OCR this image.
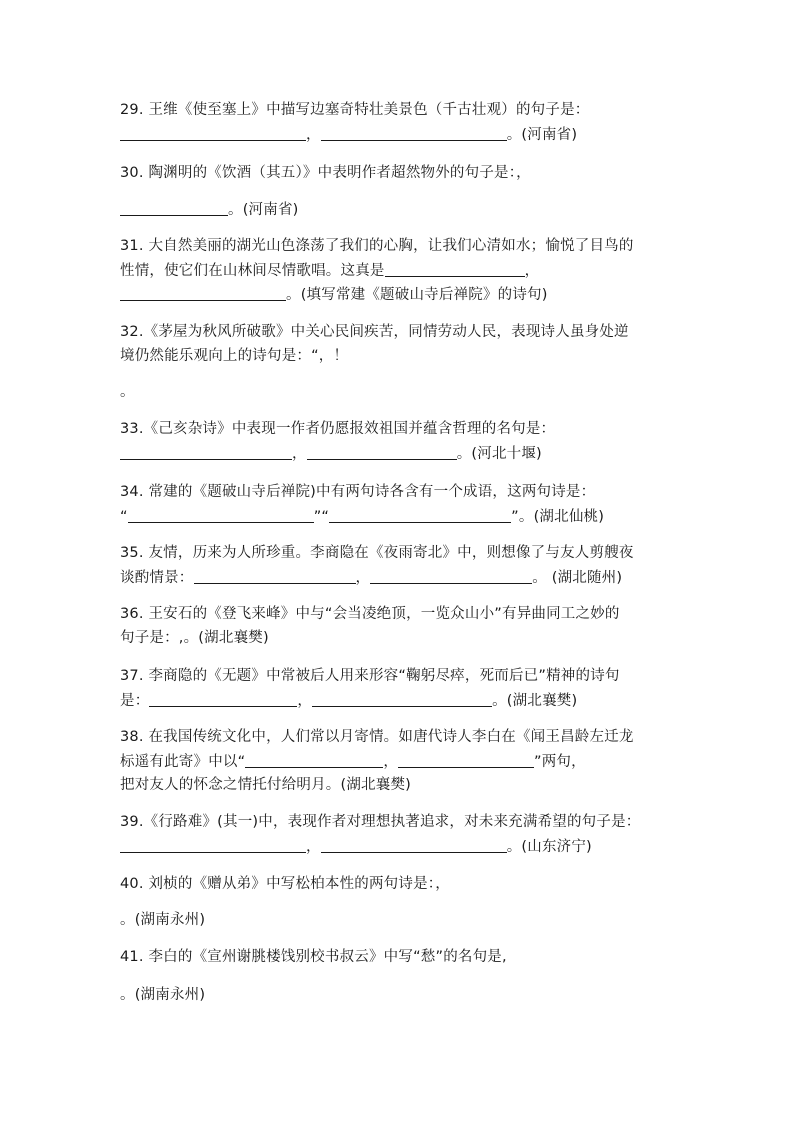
29. 王维《使至塞上》中描写边塞奇特壮美景色（千古壮观）的句子是：
，	。(河南省)
30. 陶渊明的《饮酒（其五）》中表明作者超然物外的句子是：，
。(河南省)
31. 大自然美丽的湖光山色涤荡了我们的心胸，让我们心清如水；愉悦了目鸟的
性情，使它们在山林间尽情歌唱。这真是	，
。(填写常建《题破山寺后禅院》的诗句)
32.《茅屋为秋风所破歌》中关心民间疾苦，同情劳动人民，表现诗人虽身处逆
境仍然能乐观向上的诗句是：“，！
。
33.《己亥杂诗》中表现一作者仍愿报效祖国并蕴含哲理的名句是：
，	。(河北十堰)
34. 常建的《题破山寺后禅院)中有两句诗各含有一个成语，这两句诗是：
“	”“	”。(湖北仙桃)
35. 友情，历来为人所珍重。李商隐在《夜雨寄北》中，则想像了与友人剪艘夜
谈酌情景：	，	。 (湖北随州)
36. 王安石的《登飞来峰》中与“会当凌绝顶，一览众山小”有异曲同工之妙的
句子是：,。(湖北襄樊)
37. 李商隐的《无题》中常被后人用来形容“鞠躬尽瘁，死而后已”精神的诗句
是：	，	。(湖北襄樊)
38. 在我国传统文化中，人们常以月寄情。如唐代诗人李白在《闻王昌龄左迁龙
标遥有此寄》中以“	，	”两句，
把对友人的怀念之情托付给明月。(湖北襄樊)
39.《行路难》(其一)中，表现作者对理想执著追求，对未来充满希望的句子是：
，	。(山东济宁)
40. 刘桢的《赠从弟》中写松柏本性的两句诗是：，
。(湖南永州)
41. 李白的《宣州谢朓楼饯别校书叔云》中写“愁”的名句是,
。(湖南永州)
